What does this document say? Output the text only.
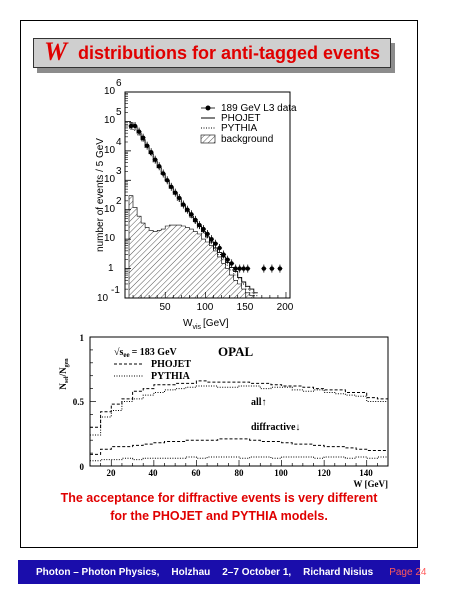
W distributions for anti-tagged events
10
-1
1
10
10
2
10
3
10
4
10
5
10
6
50	100 150 200
$W_{vis}$ [GeV]
number of events / 5 GeV
189 GeV L3 data
PHOJET
PYTHIA
background
0
0.5
1
20	40	60	80	100	120	140
W [GeV]
$N_{sel}/N_{gen}$
$√s_{ee} = 183$ GeV	OPAL
PHOJET
PYTHIA
all↑
diffractive↓
The acceptance for diffractive events is very different
for the PHOJET and PYTHIA models.
Photon – Photon Physics, Holzhau 2–7 October 1, Richard Nisius Page 24
